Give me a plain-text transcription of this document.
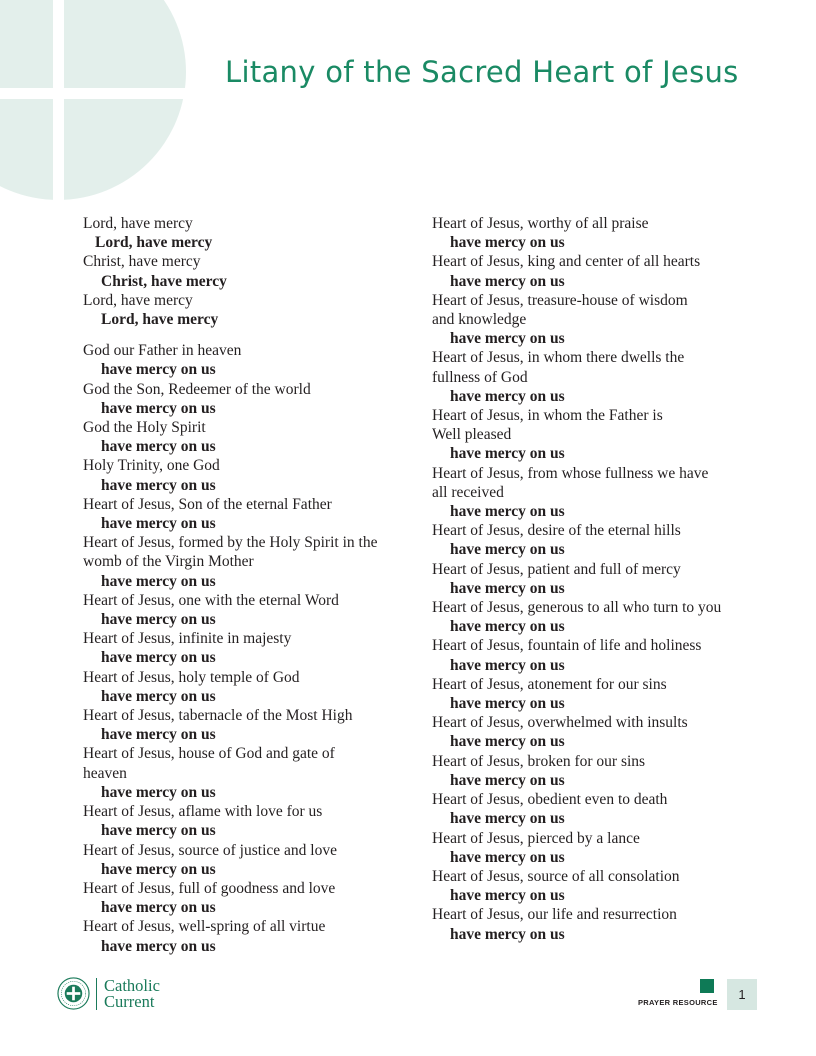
Litany of the Sacred Heart of Jesus
Lord, have mercy
Lord, have mercy
Christ, have mercy
Christ, have mercy
Lord, have mercy
Lord, have mercy
God our Father in heaven
have mercy on us
God the Son, Redeemer of the world
have mercy on us
God the Holy Spirit
have mercy on us
Holy Trinity, one God
have mercy on us
Heart of Jesus, Son of the eternal Father
have mercy on us
Heart of Jesus, formed by the Holy Spirit in the
womb of the Virgin Mother
have mercy on us
Heart of Jesus, one with the eternal Word
have mercy on us
Heart of Jesus, infinite in majesty
have mercy on us
Heart of Jesus, holy temple of God
have mercy on us
Heart of Jesus, tabernacle of the Most High
have mercy on us
Heart of Jesus, house of God and gate of
heaven
have mercy on us
Heart of Jesus, aflame with love for us
have mercy on us
Heart of Jesus, source of justice and love
have mercy on us
Heart of Jesus, full of goodness and love
have mercy on us
Heart of Jesus, well-spring of all virtue
have mercy on us
Heart of Jesus, worthy of all praise
have mercy on us
Heart of Jesus, king and center of all hearts
have mercy on us
Heart of Jesus, treasure-house of wisdom
and knowledge
have mercy on us
Heart of Jesus, in whom there dwells the
fullness of God
have mercy on us
Heart of Jesus, in whom the Father is
Well pleased
have mercy on us
Heart of Jesus, from whose fullness we have
all received
have mercy on us
Heart of Jesus, desire of the eternal hills
have mercy on us
Heart of Jesus, patient and full of mercy
have mercy on us
Heart of Jesus, generous to all who turn to you
have mercy on us
Heart of Jesus, fountain of life and holiness
have mercy on us
Heart of Jesus, atonement for our sins
have mercy on us
Heart of Jesus, overwhelmed with insults
have mercy on us
Heart of Jesus, broken for our sins
have mercy on us
Heart of Jesus, obedient even to death
have mercy on us
Heart of Jesus, pierced by a lance
have mercy on us
Heart of Jesus, source of all consolation
have mercy on us
Heart of Jesus, our life and resurrection
have mercy on us
Catholic
Current	PRAYER RESOURCE
1
